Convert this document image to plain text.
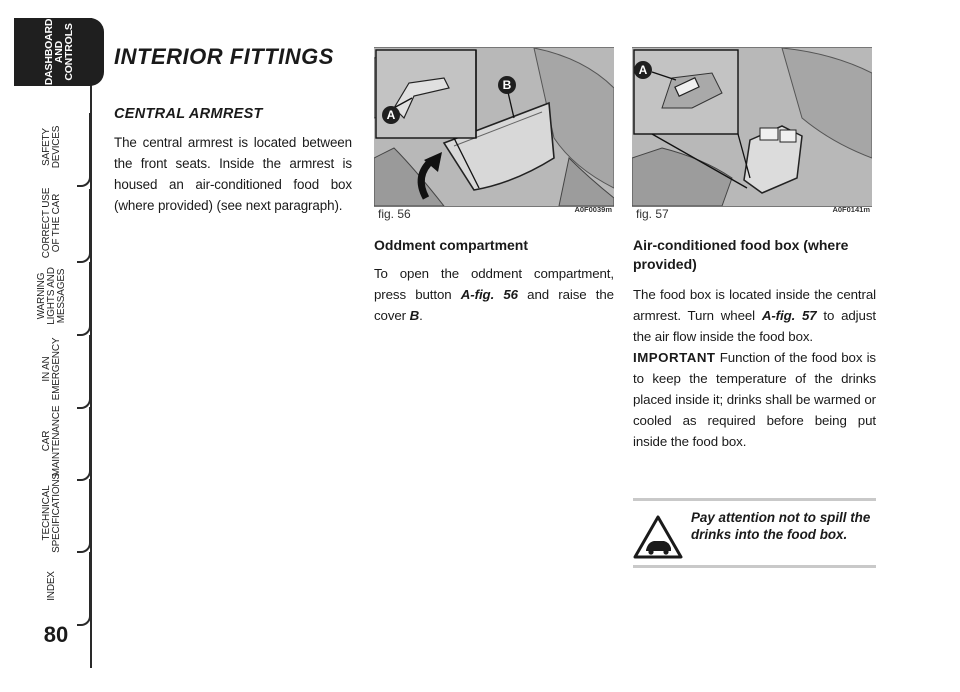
DASHBOARD
AND
CONTROLS
SAFETY
DEVICES
CORRECT USE
OF THE CAR
WARNING
LIGHTS AND
MESSAGES
IN AN
EMERGENCY
CAR
MAINTENANCE
TECHNICAL
SPECIFICATIONS
INDEX
80
INTERIOR FITTINGS
CENTRAL ARMREST

The central armrest is located between the front seats. Inside the armrest is housed an air-conditioned food box (where provided) (see next paragraph).

A
B
fig. 56	A0F0039m
A
fig. 57	A0F0141m
Oddment compartment

To open the oddment compartment, press button A-fig. 56 and raise the cover B.

Air-conditioned food box (where provided)

The food box is located inside the central armrest. Turn wheel A-fig. 57 to adjust the air flow inside the food box.

IMPORTANT Function of the food box is to keep the temperature of the drinks placed inside it; drinks shall be warmed or cooled as required before being put inside the food box.

Pay attention not to spill the drinks into the food box.
